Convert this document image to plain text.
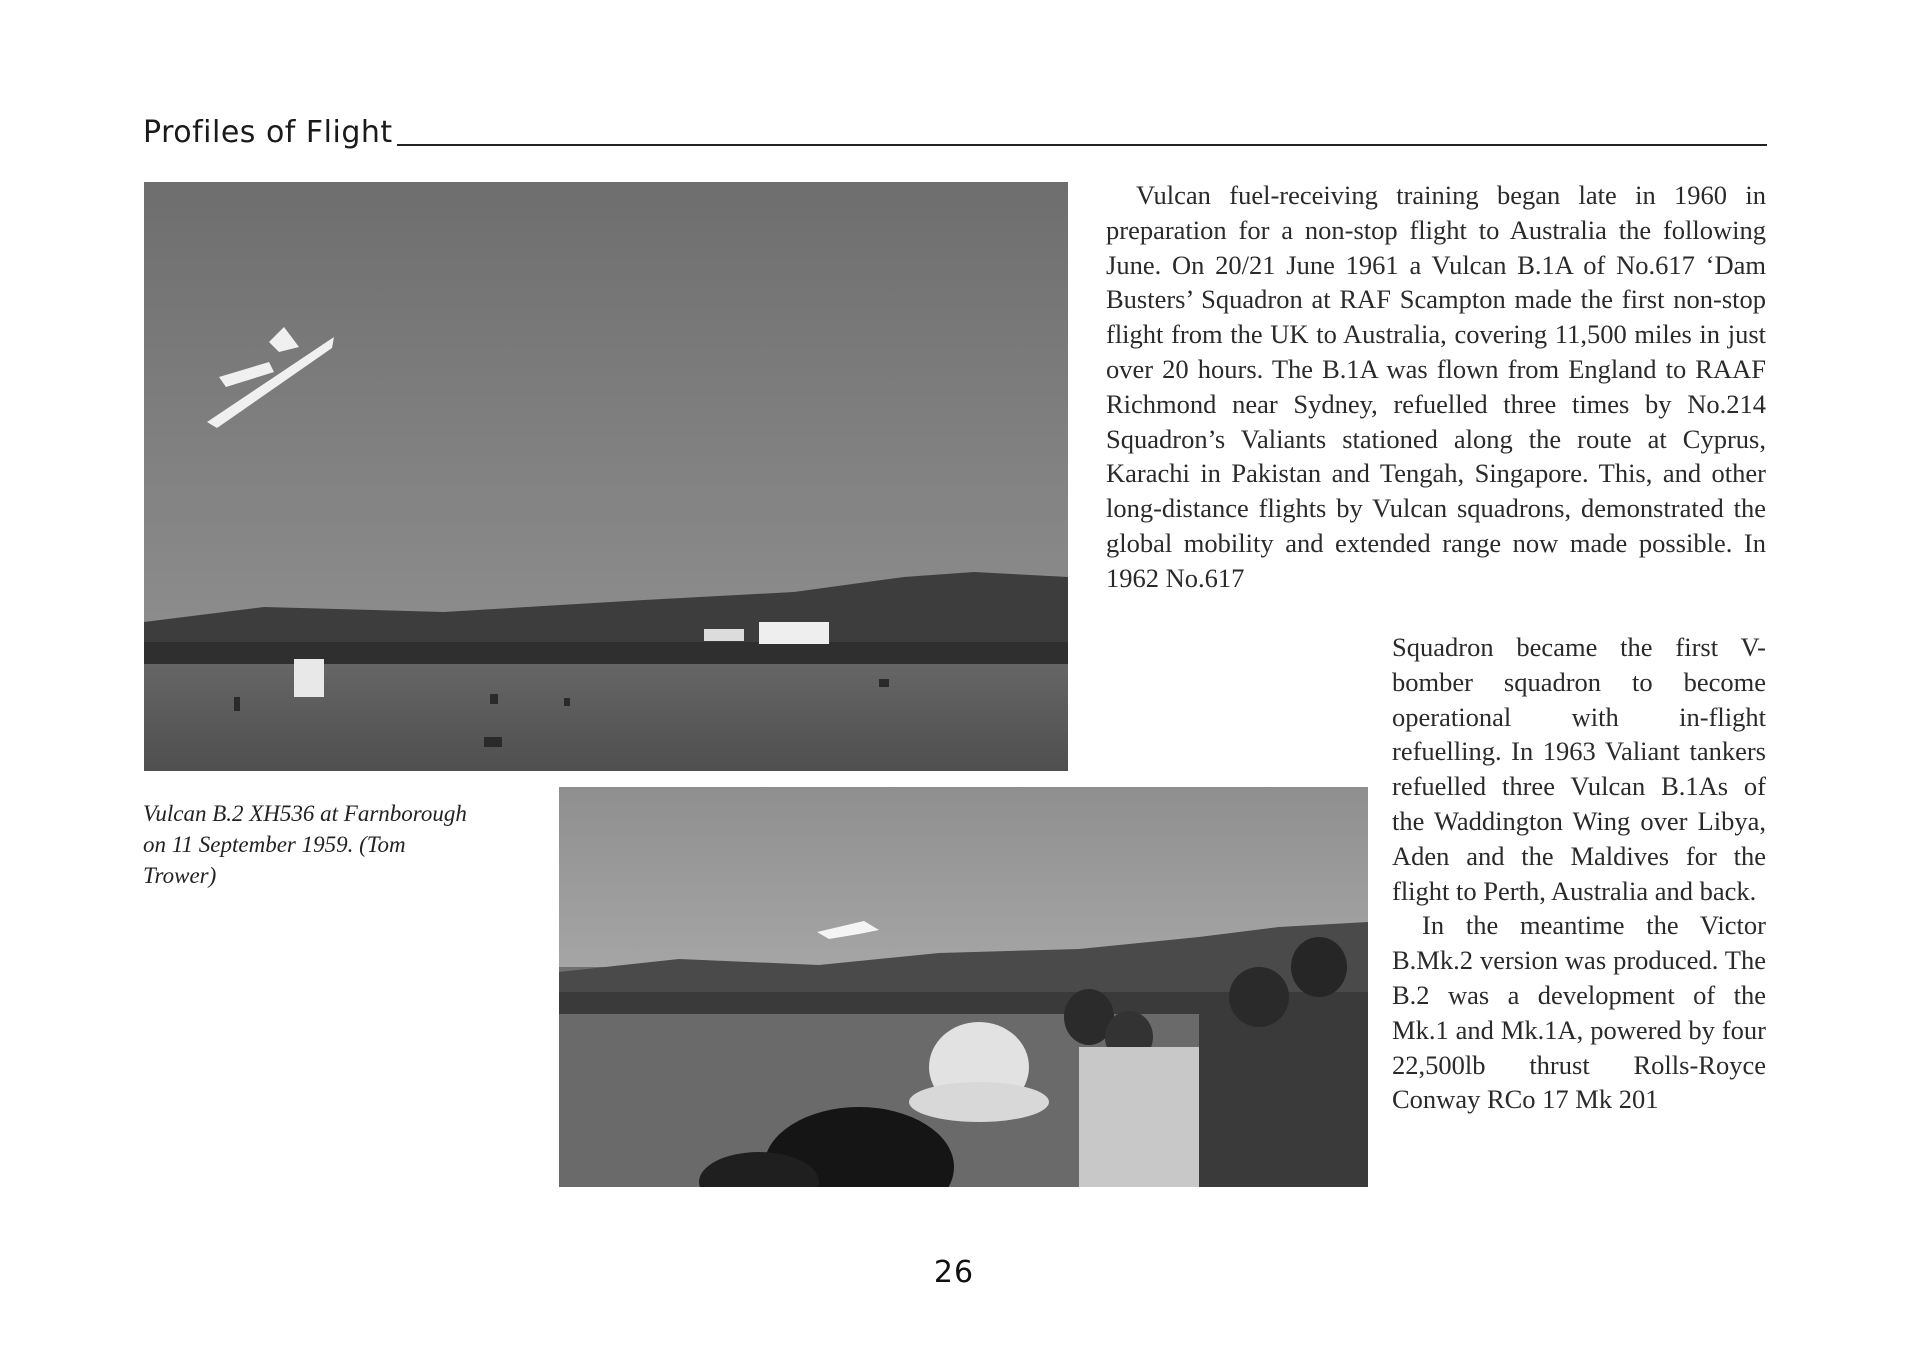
Profiles of Flight
Vulcan B.2 XH536 at Farnborough on 11 September 1959. (Tom Trower)

Vulcan fuel-receiving training began late in 1960 in preparation for a non-stop flight to Australia the following June. On 20/21 June 1961 a Vulcan B.1A of No.617 ‘Dam Busters’ Squadron at RAF Scampton made the first non-stop flight from the UK to Australia, covering 11,500 miles in just over 20 hours. The B.1A was flown from England to RAAF Richmond near Sydney, refuelled three times by No.214 Squadron’s Valiants stationed along the route at Cyprus, Karachi in Pakistan and Tengah, Singapore. This, and other long-distance flights by Vulcan squadrons, demonstrated the global mobility and extended range now made possible. In 1962 No.617

Squadron became the first V-bomber squadron to become operational with in-flight refuelling. In 1963 Valiant tankers refuelled three Vulcan B.1As of the Waddington Wing over Libya, Aden and the Maldives for the flight to Perth, Australia and back.

In the meantime the Victor B.Mk.2 version was produced. The B.2 was a development of the Mk.1 and Mk.1A, powered by four 22,500lb thrust Rolls-Royce Conway RCo 17 Mk 201

26
